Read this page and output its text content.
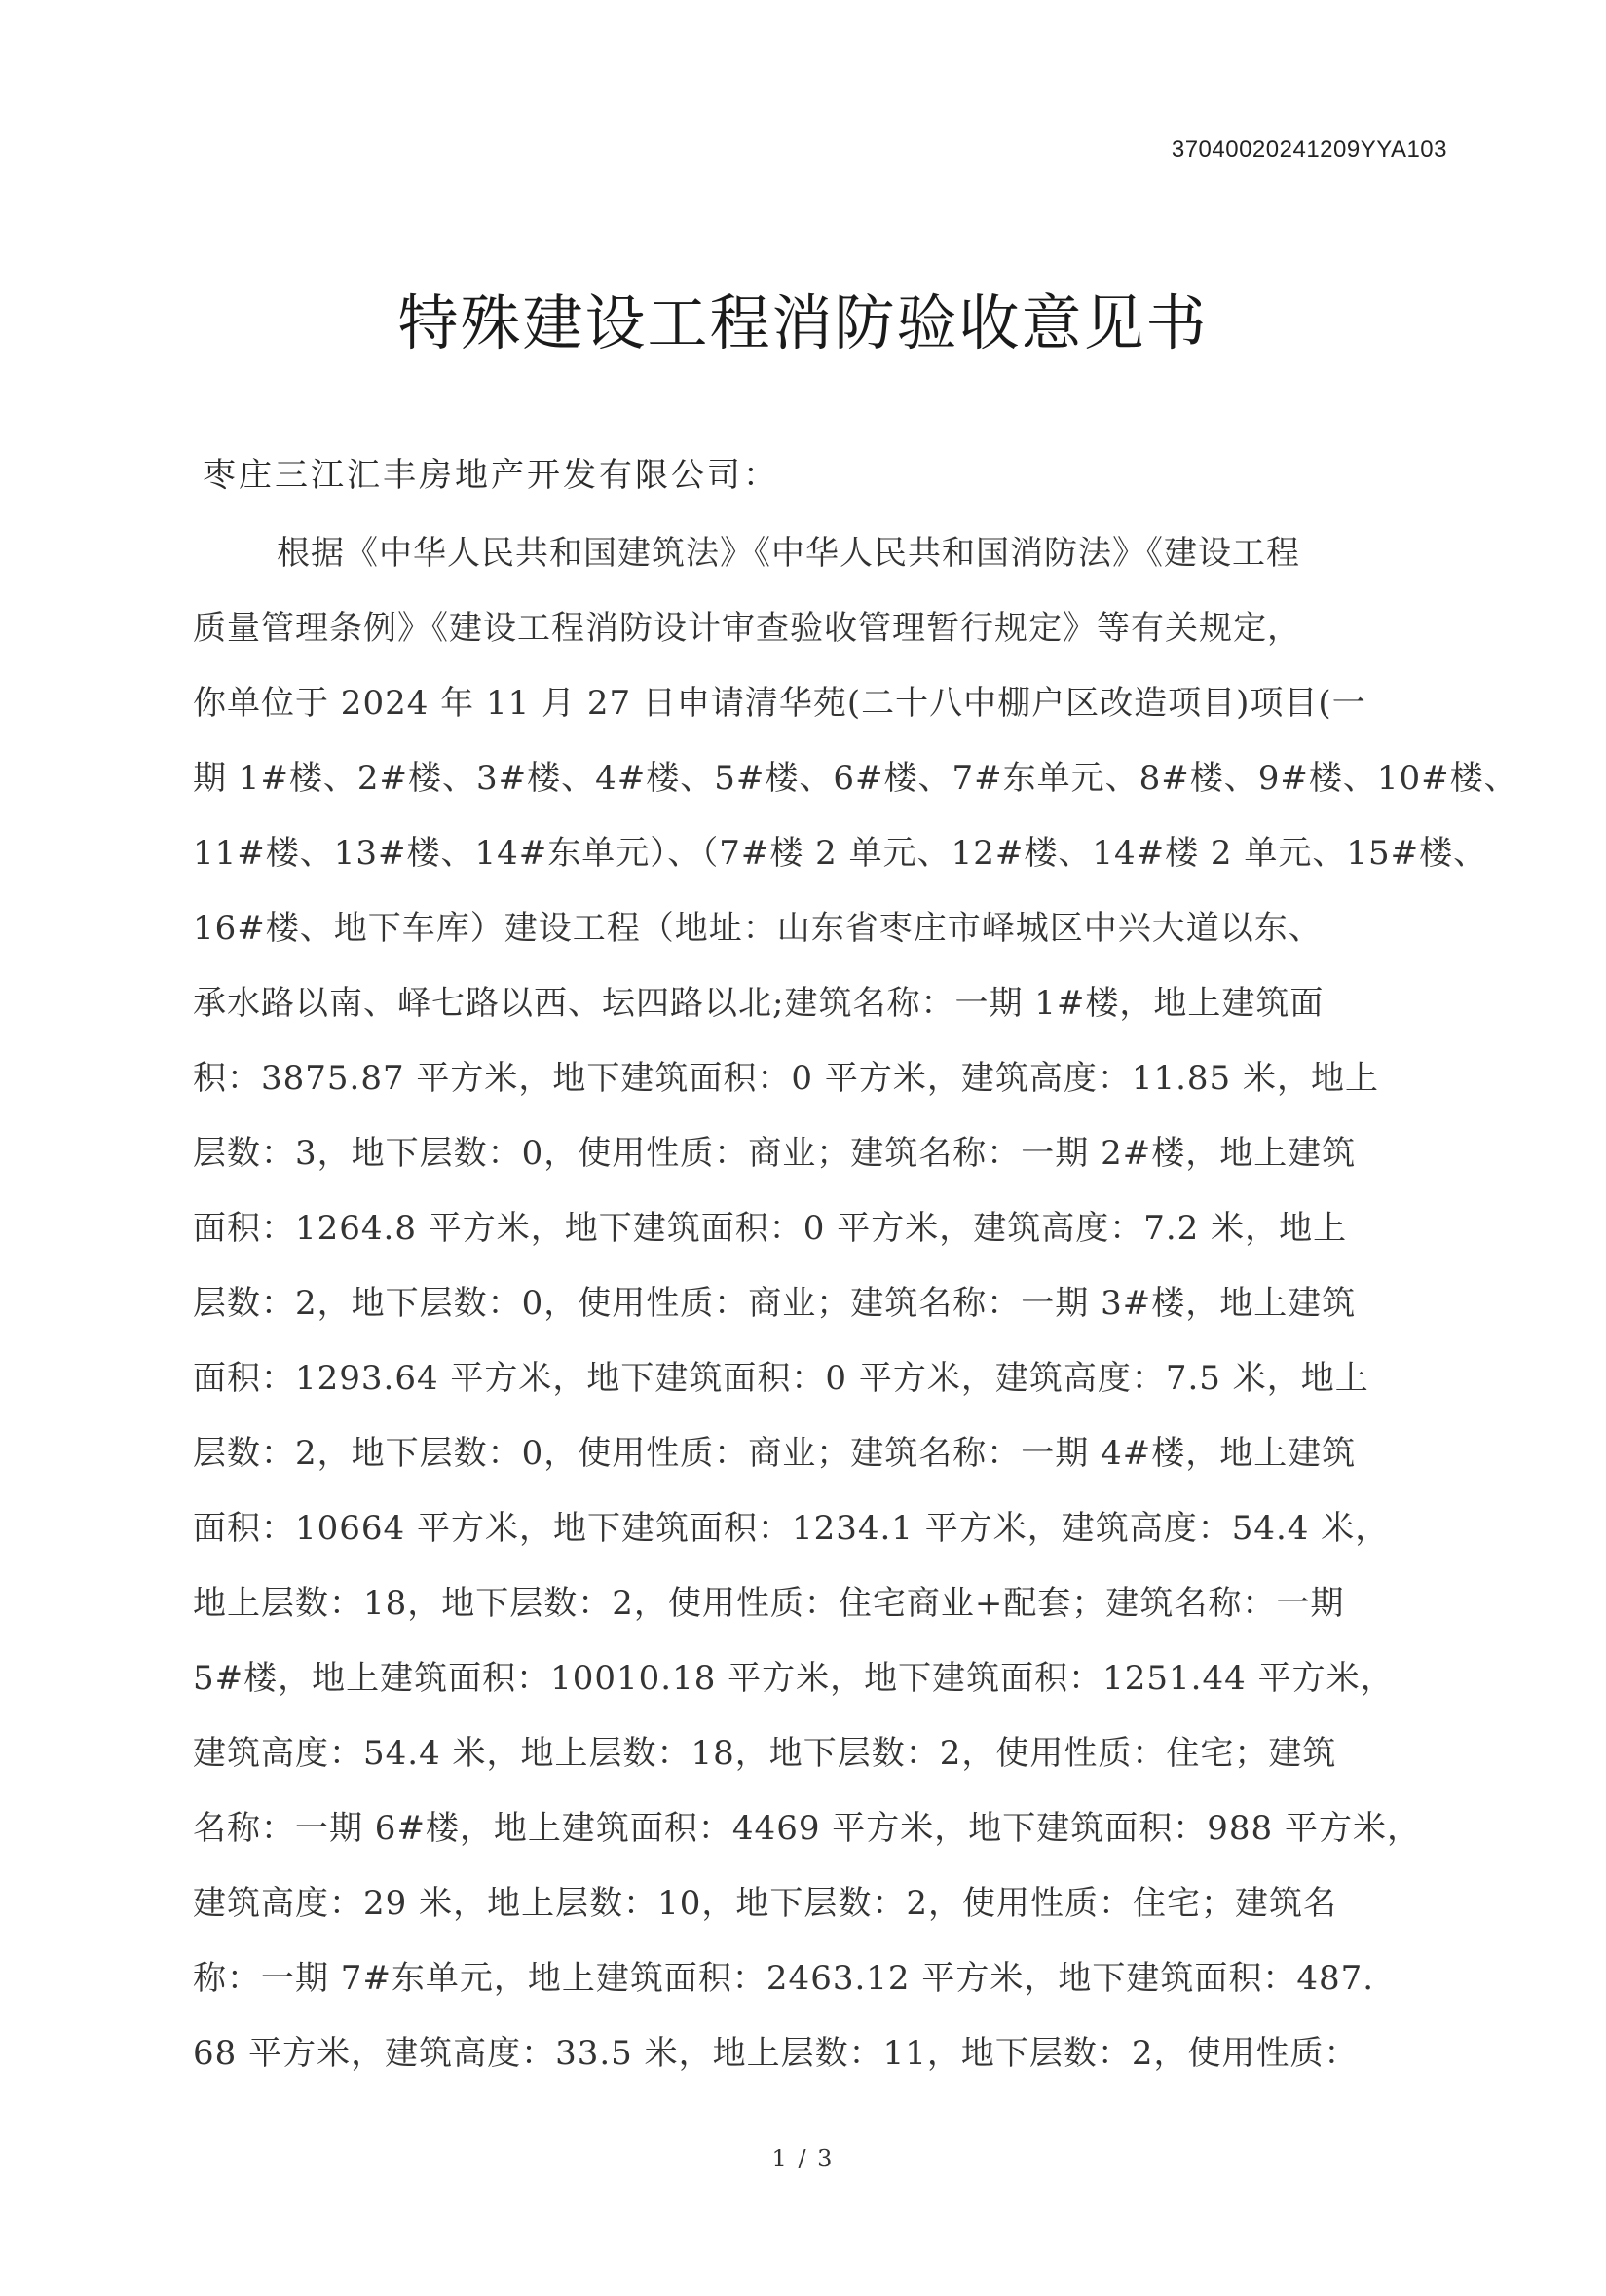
37040020241209YYA103
特殊建设工程消防验收意见书
枣庄三江汇丰房地产开发有限公司：
根据《中华人民共和国建筑法》《中华人民共和国消防法》《建设工程
质量管理条例》《建设工程消防设计审查验收管理暂行规定》等有关规定，
你单位于 2024 年 11 月 27 日申请清华苑(二十八中棚户区改造项目)项目(一
期 1#楼、2#楼、3#楼、4#楼、5#楼、6#楼、7#东单元、8#楼、9#楼、10#楼、
11#楼、13#楼、14#东单元）、（7#楼 2 单元、12#楼、14#楼 2 单元、15#楼、
16#楼、地下车库）建设工程（地址：山东省枣庄市峄城区中兴大道以东、
承水路以南、峄七路以西、坛四路以北;建筑名称：一期 1#楼，地上建筑面
积：3875.87 平方米，地下建筑面积：0 平方米，建筑高度：11.85 米，地上
层数：3，地下层数：0，使用性质：商业；建筑名称：一期 2#楼，地上建筑
面积：1264.8 平方米，地下建筑面积：0 平方米，建筑高度：7.2 米，地上
层数：2，地下层数：0，使用性质：商业；建筑名称：一期 3#楼，地上建筑
面积：1293.64 平方米，地下建筑面积：0 平方米，建筑高度：7.5 米，地上
层数：2，地下层数：0，使用性质：商业；建筑名称：一期 4#楼，地上建筑
面积：10664 平方米，地下建筑面积：1234.1 平方米，建筑高度：54.4 米，
地上层数：18，地下层数：2，使用性质：住宅商业+配套；建筑名称：一期
5#楼，地上建筑面积：10010.18 平方米，地下建筑面积：1251.44 平方米，
建筑高度：54.4 米，地上层数：18，地下层数：2，使用性质：住宅；建筑
名称：一期 6#楼，地上建筑面积：4469 平方米，地下建筑面积：988 平方米，
建筑高度：29 米，地上层数：10，地下层数：2，使用性质：住宅；建筑名
称：一期 7#东单元，地上建筑面积：2463.12 平方米，地下建筑面积：487.
68 平方米，建筑高度：33.5 米，地上层数：11，地下层数：2，使用性质：
1 / 3
